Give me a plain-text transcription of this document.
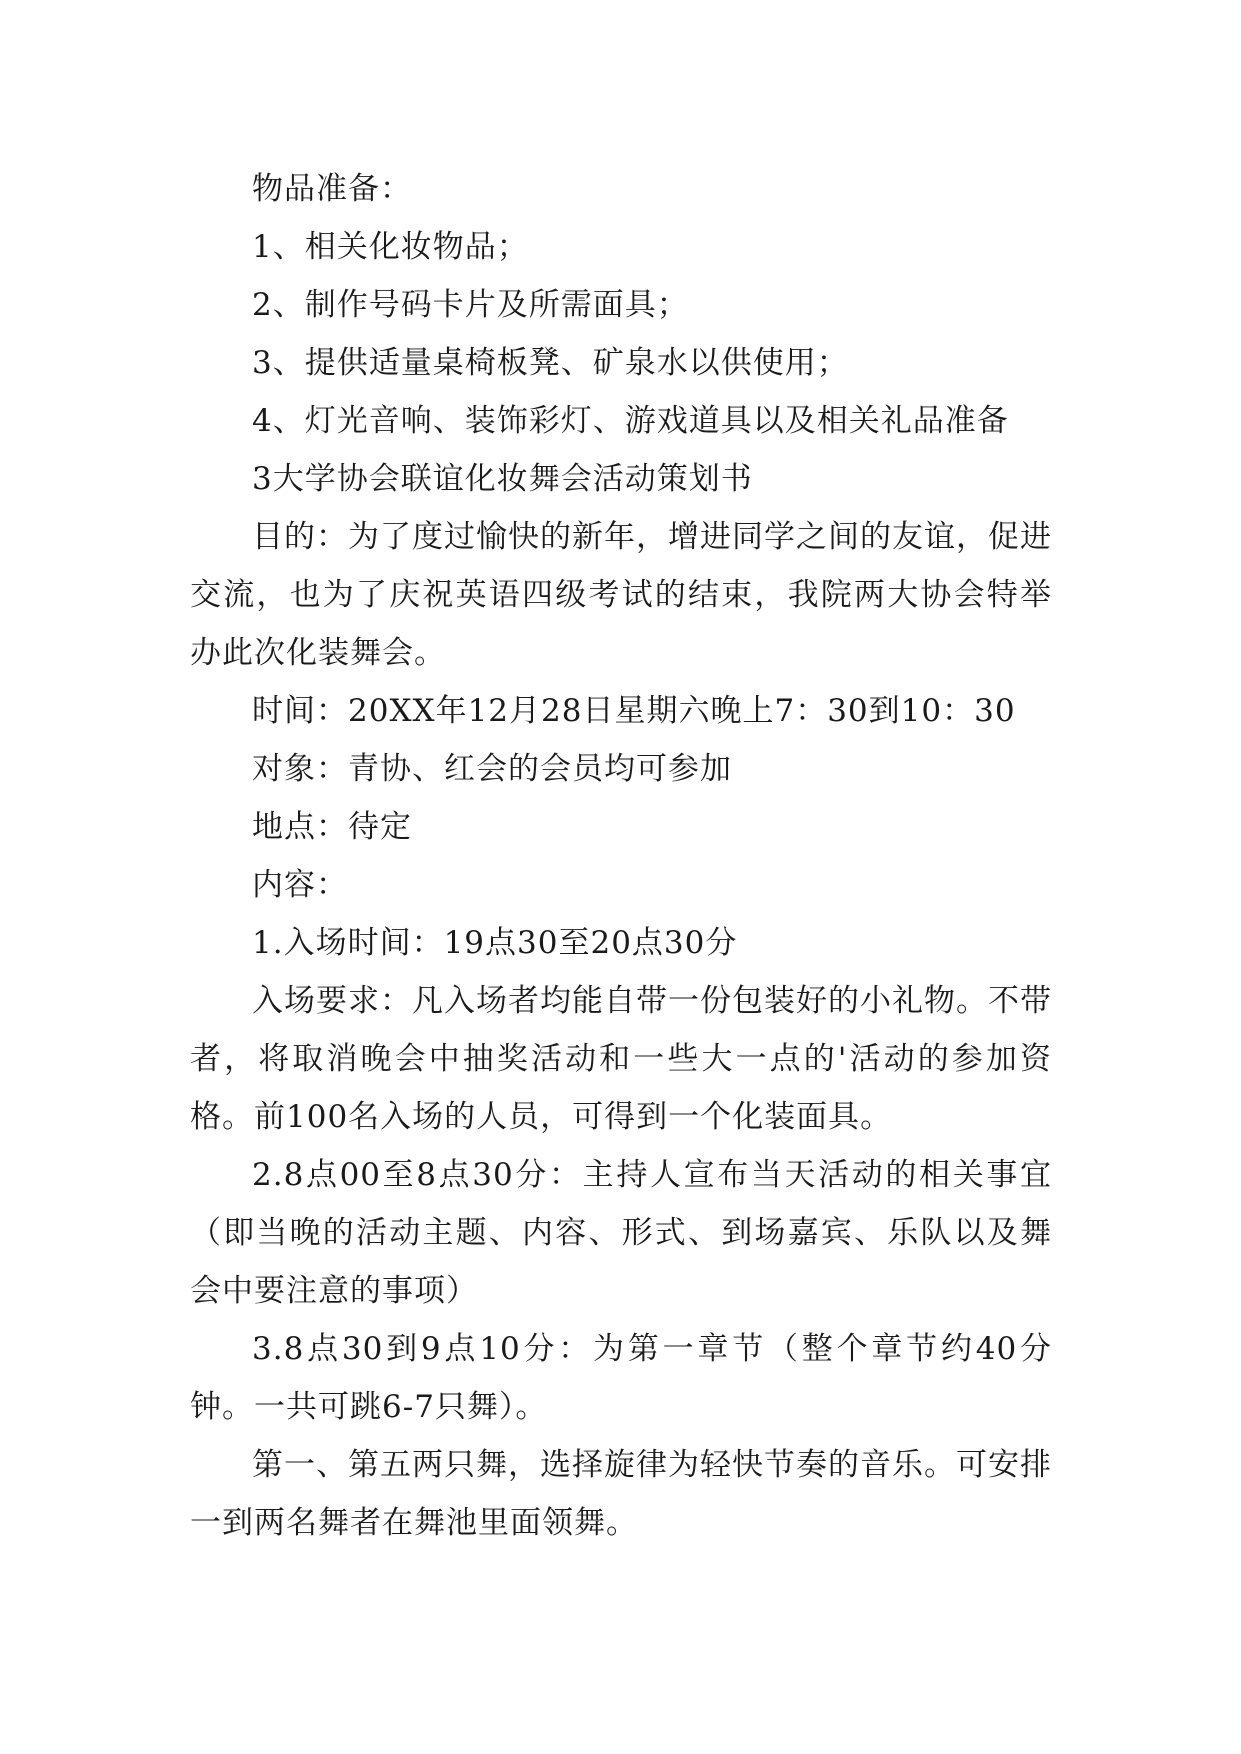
物品准备：

1、相关化妆物品；

2、制作号码卡片及所需面具；

3、提供适量桌椅板凳、矿泉水以供使用；

4、灯光音响、装饰彩灯、游戏道具以及相关礼品准备

3大学协会联谊化妆舞会活动策划书

目的：为了度过愉快的新年，增进同学之间的友谊，促进交流，也为了庆祝英语四级考试的结束，我院两大协会特举办此次化装舞会。

时间：20XX年12月28日星期六晚上7：30到10：30

对象：青协、红会的会员均可参加

地点：待定

内容：

1.入场时间：19点30至20点30分

入场要求：凡入场者均能自带一份包装好的小礼物。不带者，将取消晚会中抽奖活动和一些大一点的'活动的参加资格。前100名入场的人员，可得到一个化装面具。

2.8点00至8点30分：主持人宣布当天活动的相关事宜（即当晚的活动主题、内容、形式、到场嘉宾、乐队以及舞会中要注意的事项）

3.8点30到9点10分：为第一章节（整个章节约40分钟。一共可跳6-7只舞）。

第一、第五两只舞，选择旋律为轻快节奏的音乐。可安排一到两名舞者在舞池里面领舞。
